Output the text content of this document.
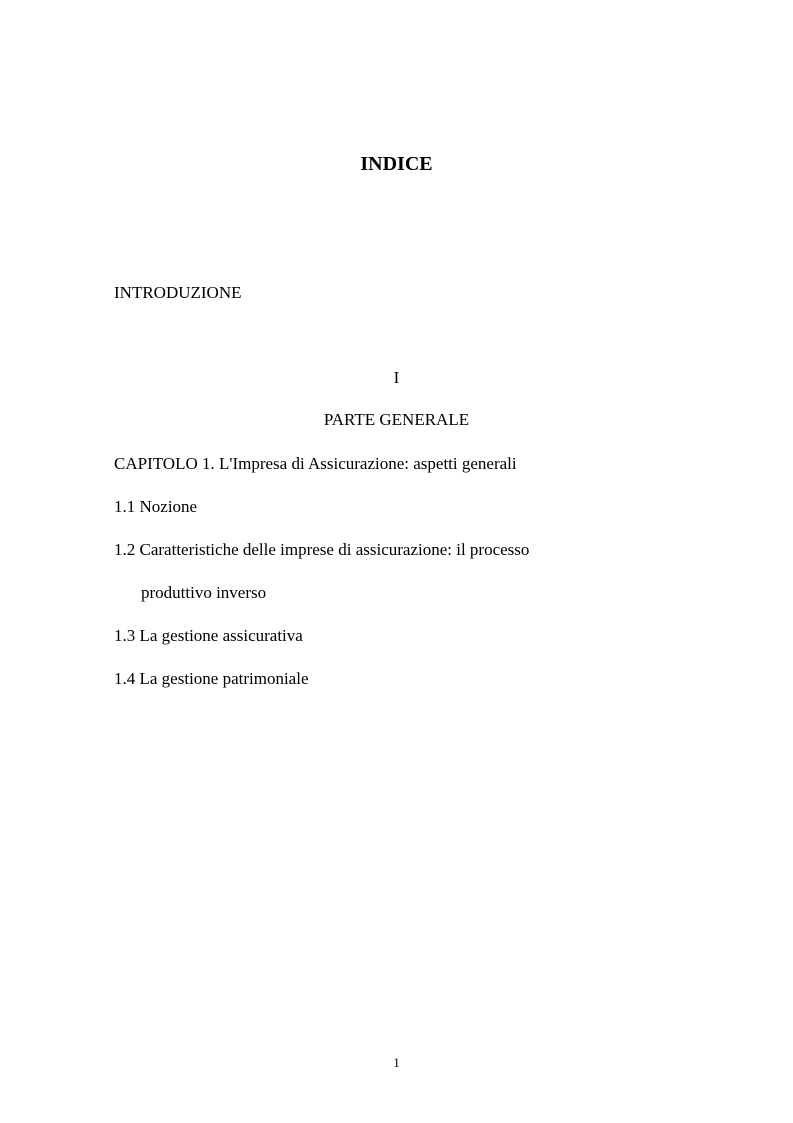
INDICE
INTRODUZIONE
I
PARTE GENERALE
CAPITOLO 1. L'Impresa di Assicurazione: aspetti generali
1.1 Nozione
1.2 Caratteristiche delle imprese di assicurazione: il processo
produttivo inverso
1.3 La gestione assicurativa
1.4 La gestione patrimoniale
1
